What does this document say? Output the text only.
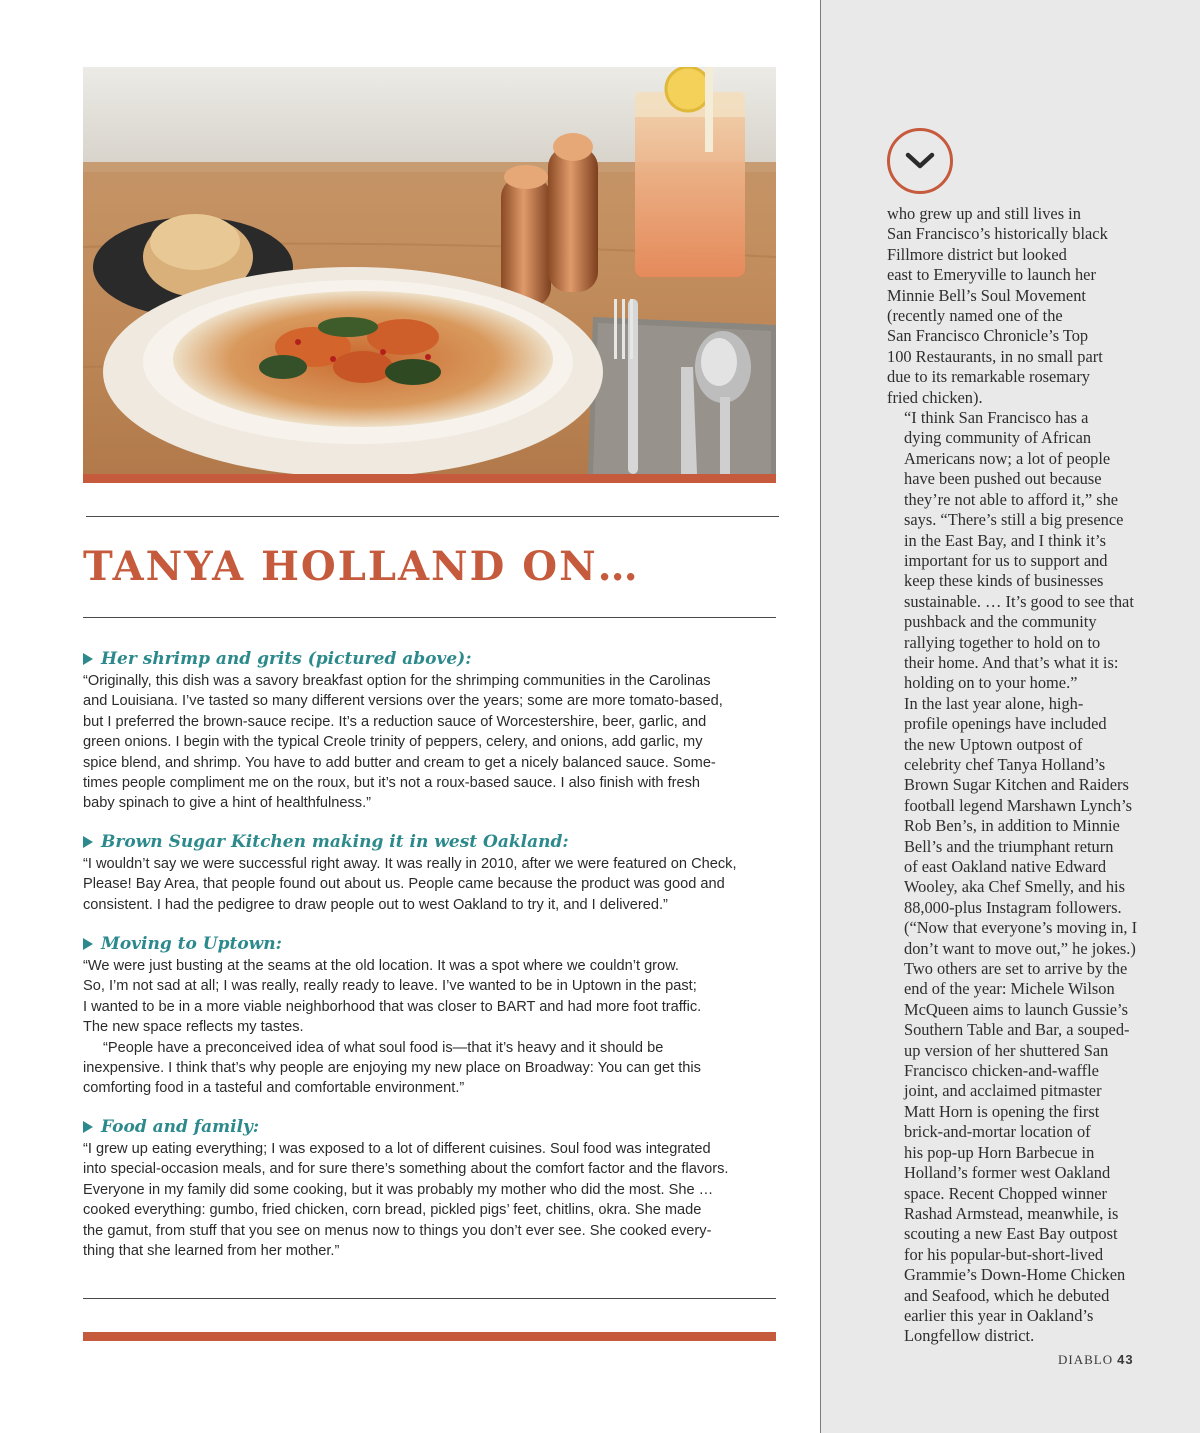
who grew up and still lives in
San Francisco’s historically black
Fillmore district but looked
east to Emeryville to launch her
Minnie Bell’s Soul Movement
(recently named one of the
San Francisco Chronicle’s Top
100 Restaurants, in no small part
due to its remarkable rosemary
fried chicken).

“I think San Francisco has a
dying community of African
Americans now; a lot of people
have been pushed out because
they’re not able to afford it,” she
says. “There’s still a big presence
in the East Bay, and I think it’s
important for us to support and
keep these kinds of businesses
sustainable. … It’s good to see that
pushback and the community
rallying together to hold on to
their home. And that’s what it is:
holding on to your home.”

In the last year alone, high-
profile openings have included
the new Uptown outpost of
celebrity chef Tanya Holland’s
Brown Sugar Kitchen and Raiders
football legend Marshawn Lynch’s
Rob Ben’s, in addition to Minnie
Bell’s and the triumphant return
of east Oakland native Edward
Wooley, aka Chef Smelly, and his
88,000-plus Instagram followers.
(“Now that everyone’s moving in, I
don’t want to move out,” he jokes.)
Two others are set to arrive by the
end of the year: Michele Wilson
McQueen aims to launch Gussie’s
Southern Table and Bar, a souped-
up version of her shuttered San
Francisco chicken-and-waffle
joint, and acclaimed pitmaster
Matt Horn is opening the first
brick-and-mortar location of
his pop-up Horn Barbecue in
Holland’s former west Oakland
space. Recent Chopped winner
Rashad Armstead, meanwhile, is
scouting a new East Bay outpost
for his popular-but-short-lived
Grammie’s Down-Home Chicken
and Seafood, which he debuted
earlier this year in Oakland’s
Longfellow district.

DIABLO 43
TANYA HOLLAND ON…
Her shrimp and grits (pictured above):
“Originally, this dish was a savory breakfast option for the shrimping communities in the Carolinas
and Louisiana. I’ve tasted so many different versions over the years; some are more tomato-based,
but I preferred the brown-sauce recipe. It’s a reduction sauce of Worcestershire, beer, garlic, and
green onions. I begin with the typical Creole trinity of peppers, celery, and onions, add garlic, my
spice blend, and shrimp. You have to add butter and cream to get a nicely balanced sauce. Some-
times people compliment me on the roux, but it’s not a roux-based sauce. I also finish with fresh
baby spinach to give a hint of healthfulness.”
Brown Sugar Kitchen making it in west Oakland:
“I wouldn’t say we were successful right away. It was really in 2010, after we were featured on Check,
Please! Bay Area, that people found out about us. People came because the product was good and
consistent. I had the pedigree to draw people out to west Oakland to try it, and I delivered.”
Moving to Uptown:
“We were just busting at the seams at the old location. It was a spot where we couldn’t grow.
So, I’m not sad at all; I was really, really ready to leave. I’ve wanted to be in Uptown in the past;
I wanted to be in a more viable neighborhood that was closer to BART and had more foot traffic.
The new space reflects my tastes.
“People have a preconceived idea of what soul food is—that it’s heavy and it should be
inexpensive. I think that’s why people are enjoying my new place on Broadway: You can get this
comforting food in a tasteful and comfortable environment.”
Food and family:
“I grew up eating everything; I was exposed to a lot of different cuisines. Soul food was integrated
into special-occasion meals, and for sure there’s something about the comfort factor and the flavors.
Everyone in my family did some cooking, but it was probably my mother who did the most. She …
cooked everything: gumbo, fried chicken, corn bread, pickled pigs’ feet, chitlins, okra. She made
the gamut, from stuff that you see on menus now to things you don’t ever see. She cooked every-
thing that she learned from her mother.”
